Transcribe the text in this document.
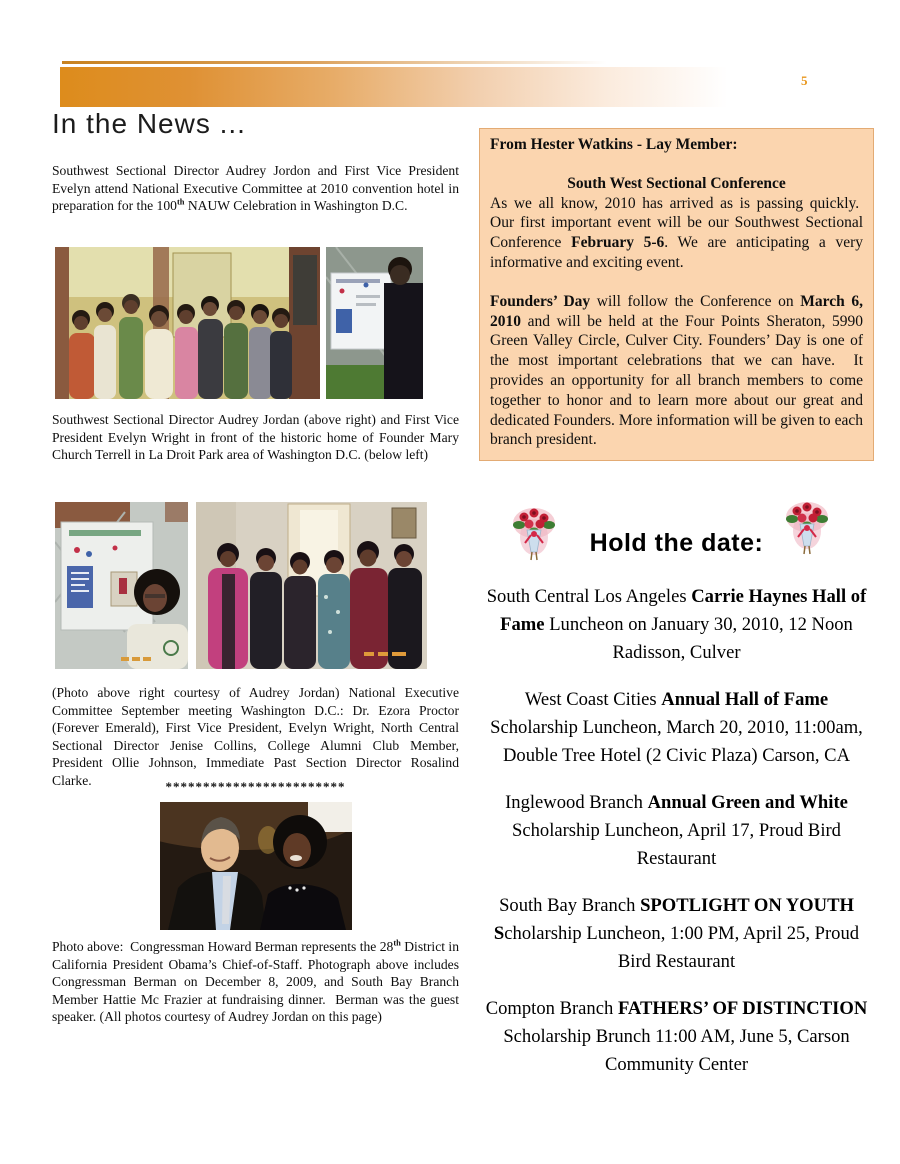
5
In the News ...

Southwest Sectional Director Audrey Jordon and First Vice President Evelyn attend National Executive Committee at 2010 convention hotel in preparation for the 100th NAUW Celebration in Washington D.C.

Southwest Sectional Director Audrey Jordan (above right) and First Vice President Evelyn Wright in front of the historic home of Founder Mary Church Terrell in La Droit Park area of Washington D.C. (below left)

(Photo above right courtesy of Audrey Jordan) National Executive Committee September meeting Washington D.C.: Dr. Ezora Proctor (Forever Emerald), First Vice President, Evelyn Wright, North Central Sectional Director Jenise Collins, College Alumni Club Member, President Ollie Johnson, Immediate Past Section Director Rosalind Clarke.	************************

Photo above:  Congressman Howard Berman represents the 28th District in California President Obama’s Chief-of-Staff. Photograph above includes Congressman Berman on December 8, 2009, and South Bay Branch Member Hattie Mc Frazier at fundraising dinner.  Berman was the guest speaker. (All photos courtesy of Audrey Jordan on this page)

From Hester Watkins - Lay Member:

South West Sectional Conference

As we all know, 2010 has arrived as is passing quickly.  Our first important event will be our Southwest Sectional Conference February 5-6. We are anticipating a very informative and exciting event.

Founders’ Day will follow the Conference on March 6, 2010 and will be held at the Four Points Sheraton, 5990 Green Valley Circle, Culver City. Founders’ Day is one of the most important celebrations that we can have.  It provides an opportunity for all branch members to come together to honor and to learn more about our great and dedicated Founders. More information will be given to each branch president.

Hold the date:

South Central Los Angeles Carrie Haynes Hall of Fame Luncheon on January 30, 2010, 12 Noon Radisson, Culver

West Coast Cities Annual Hall of Fame Scholarship Luncheon, March 20, 2010, 11:00am, Double Tree Hotel (2 Civic Plaza) Carson, CA

Inglewood Branch Annual Green and White Scholarship Luncheon, April 17, Proud Bird Restaurant

South Bay Branch SPOTLIGHT ON YOUTH Scholarship Luncheon, 1:00 PM, April 25, Proud Bird Restaurant

Compton Branch FATHERS’ OF DISTINCTION Scholarship Brunch 11:00 AM, June 5, Carson Community Center
